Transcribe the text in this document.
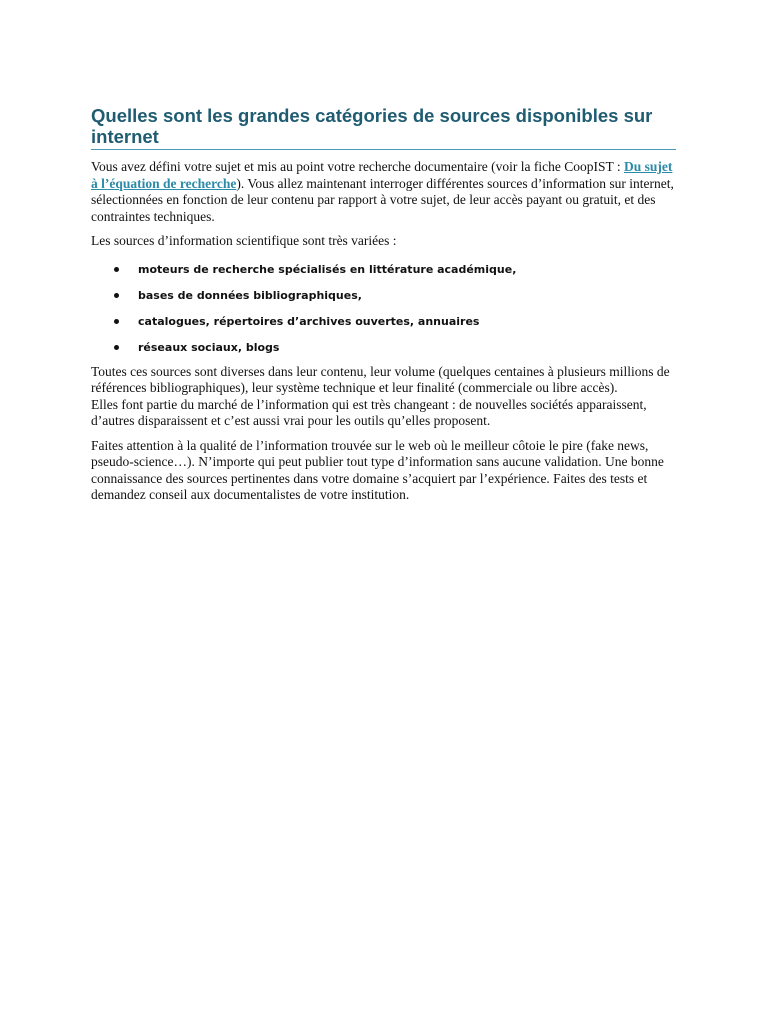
Quelles sont les grandes catégories de sources disponibles sur internet

Vous avez défini votre sujet et mis au point votre recherche documentaire (voir la fiche CoopIST : Du sujet à l’équation de recherche). Vous allez maintenant interroger différentes sources d’information sur internet, sélectionnées en fonction de leur contenu par rapport à votre sujet, de leur accès payant ou gratuit, et des contraintes techniques.

Les sources d’information scientifique sont très variées :

moteurs de recherche spécialisés en littérature académique,
bases de données bibliographiques,
catalogues, répertoires d’archives ouvertes, annuaires
réseaux sociaux, blogs

Toutes ces sources sont diverses dans leur contenu, leur volume (quelques centaines à plusieurs millions de références bibliographiques), leur système technique et leur finalité (commerciale ou libre accès).

Elles font partie du marché de l’information qui est très changeant : de nouvelles sociétés apparaissent, d’autres disparaissent et c’est aussi vrai pour les outils qu’elles proposent.

Faites attention à la qualité de l’information trouvée sur le web où le meilleur côtoie le pire (fake news, pseudo-science…). N’importe qui peut publier tout type d’information sans aucune validation. Une bonne connaissance des sources pertinentes dans votre domaine s’acquiert par l’expérience. Faites des tests et demandez conseil aux documentalistes de votre institution.
